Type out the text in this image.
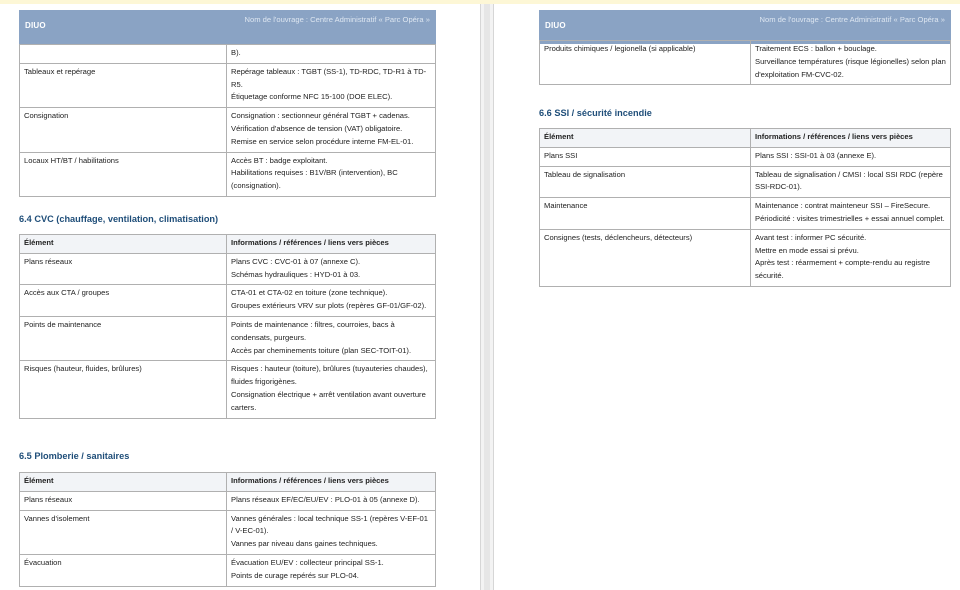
DIUO
Nom de l'ouvrage : Centre Administratif « Parc Opéra »

	B).

Tableaux et repérage	Repérage tableaux : TGBT (SS-1), TD-RDC, TD-R1 à TD-R5.
Étiquetage conforme NFC 15-100 (DOE ELEC).

Consignation	Consignation : sectionneur général TGBT + cadenas.
Vérification d'absence de tension (VAT) obligatoire.
Remise en service selon procédure interne FM-EL-01.

Locaux HT/BT / habilitations	Accès BT : badge exploitant.
Habilitations requises : B1V/BR (intervention), BC (consignation).
6.4 CVC (chauffage, ventilation, climatisation)
Élément	Informations / références / liens vers pièces
Plans réseaux	Plans CVC : CVC-01 à 07 (annexe C).
Schémas hydrauliques : HYD-01 à 03.

Accès aux CTA / groupes	CTA-01 et CTA-02 en toiture (zone technique).
Groupes extérieurs VRV sur plots (repères GF-01/GF-02).

Points de maintenance	Points de maintenance : filtres, courroies, bacs à condensats, purgeurs.
Accès par cheminements toiture (plan SEC-TOIT-01).

Risques (hauteur, fluides, brûlures)	Risques : hauteur (toiture), brûlures (tuyauteries chaudes), fluides frigorigènes.
Consignation électrique + arrêt ventilation avant ouverture carters.
6.5 Plomberie / sanitaires
Élément	Informations / références / liens vers pièces
Plans réseaux	Plans réseaux EF/EC/EU/EV : PLO-01 à 05 (annexe D).

Vannes d'isolement	Vannes générales : local technique SS-1 (repères V-EF-01 / V-EC-01).
Vannes par niveau dans gaines techniques.

Évacuation	Évacuation EU/EV : collecteur principal SS-1.
Points de curage repérés sur PLO-04.
DIUO
Nom de l'ouvrage : Centre Administratif « Parc Opéra »
Produits chimiques / legionella (si applicable)	Traitement ECS : ballon + bouclage.
Surveillance températures (risque légionelles) selon plan d'exploitation FM-CVC-02.
6.6 SSI / sécurité incendie
Élément	Informations / références / liens vers pièces
Plans SSI	Plans SSI : SSI-01 à 03 (annexe E).

Tableau de signalisation	Tableau de signalisation / CMSI : local SSI RDC (repère SSI-RDC-01).

Maintenance	Maintenance : contrat mainteneur SSI – FireSecure.
Périodicité : visites trimestrielles + essai annuel complet.

Consignes (tests, déclencheurs, détecteurs)	Avant test : informer PC sécurité.
Mettre en mode essai si prévu.
Après test : réarmement + compte-rendu au registre sécurité.
